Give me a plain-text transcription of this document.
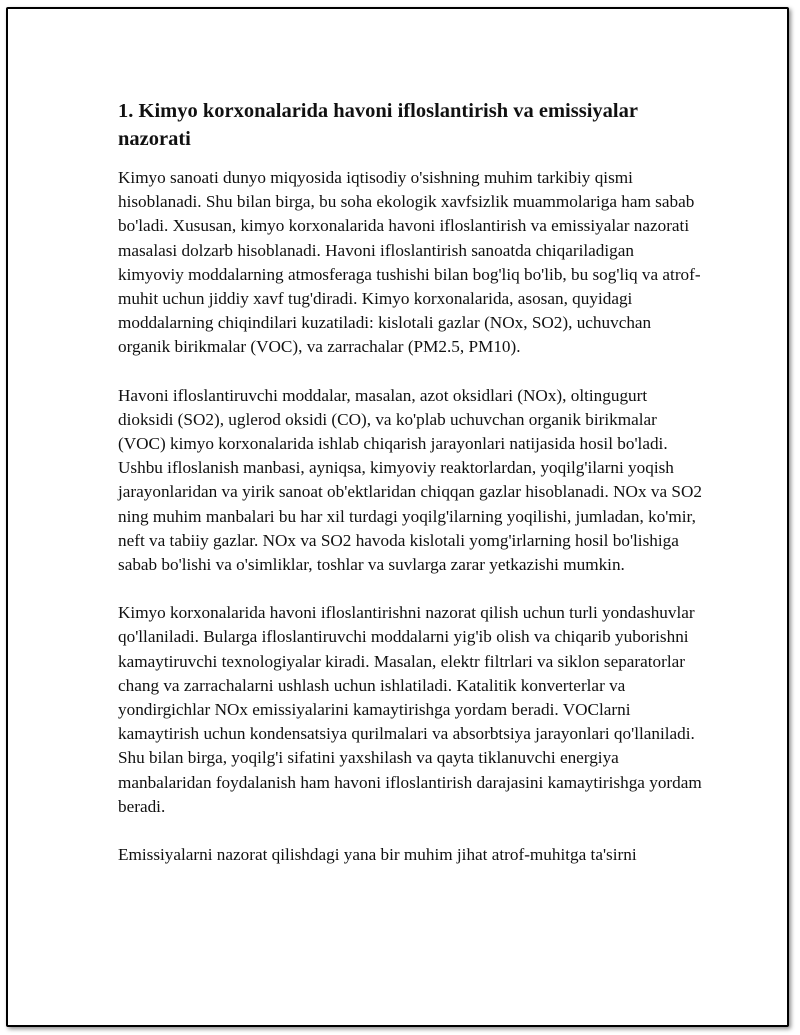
1. Kimyo korxonalarida havoni ifloslantirish va emissiyalar nazorati

Kimyo sanoati dunyo miqyosida iqtisodiy o'sishning muhim tarkibiy qismi hisoblanadi. Shu bilan birga, bu soha ekologik xavfsizlik muammolariga ham sabab bo'ladi. Xususan, kimyo korxonalarida havoni ifloslantirish va emissiyalar nazorati masalasi dolzarb hisoblanadi. Havoni ifloslantirish sanoatda chiqariladigan kimyoviy moddalarning atmosferaga tushishi bilan bog'liq bo'lib, bu sog'liq va atrof-muhit uchun jiddiy xavf tug'diradi. Kimyo korxonalarida, asosan, quyidagi moddalarning chiqindilari kuzatiladi: kislotali gazlar (NOx, SO2), uchuvchan organik birikmalar (VOC), va zarrachalar (PM2.5, PM10).

Havoni ifloslantiruvchi moddalar, masalan, azot oksidlari (NOx), oltingugurt dioksidi (SO2), uglerod oksidi (CO), va ko'plab uchuvchan organik birikmalar (VOC) kimyo korxonalarida ishlab chiqarish jarayonlari natijasida hosil bo'ladi. Ushbu ifloslanish manbasi, ayniqsa, kimyoviy reaktorlardan, yoqilg'ilarni yoqish jarayonlaridan va yirik sanoat ob'ektlaridan chiqqan gazlar hisoblanadi. NOx va SO2 ning muhim manbalari bu har xil turdagi yoqilg'ilarning yoqilishi, jumladan, ko'mir, neft va tabiiy gazlar. NOx va SO2 havoda kislotali yomg'irlarning hosil bo'lishiga sabab bo'lishi va o'simliklar, toshlar va suvlarga zarar yetkazishi mumkin.

Kimyo korxonalarida havoni ifloslantirishni nazorat qilish uchun turli yondashuvlar qo'llaniladi. Bularga ifloslantiruvchi moddalarni yig'ib olish va chiqarib yuborishni kamaytiruvchi texnologiyalar kiradi. Masalan, elektr filtrlari va siklon separatorlar chang va zarrachalarni ushlash uchun ishlatiladi. Katalitik konverterlar va yondirgichlar NOx emissiyalarini kamaytirishga yordam beradi. VOClarni kamaytirish uchun kondensatsiya qurilmalari va absorbtsiya jarayonlari qo'llaniladi. Shu bilan birga, yoqilg'i sifatini yaxshilash va qayta tiklanuvchi energiya manbalaridan foydalanish ham havoni ifloslantirish darajasini kamaytirishga yordam beradi.

Emissiyalarni nazorat qilishdagi yana bir muhim jihat atrof-muhitga ta'sirni
